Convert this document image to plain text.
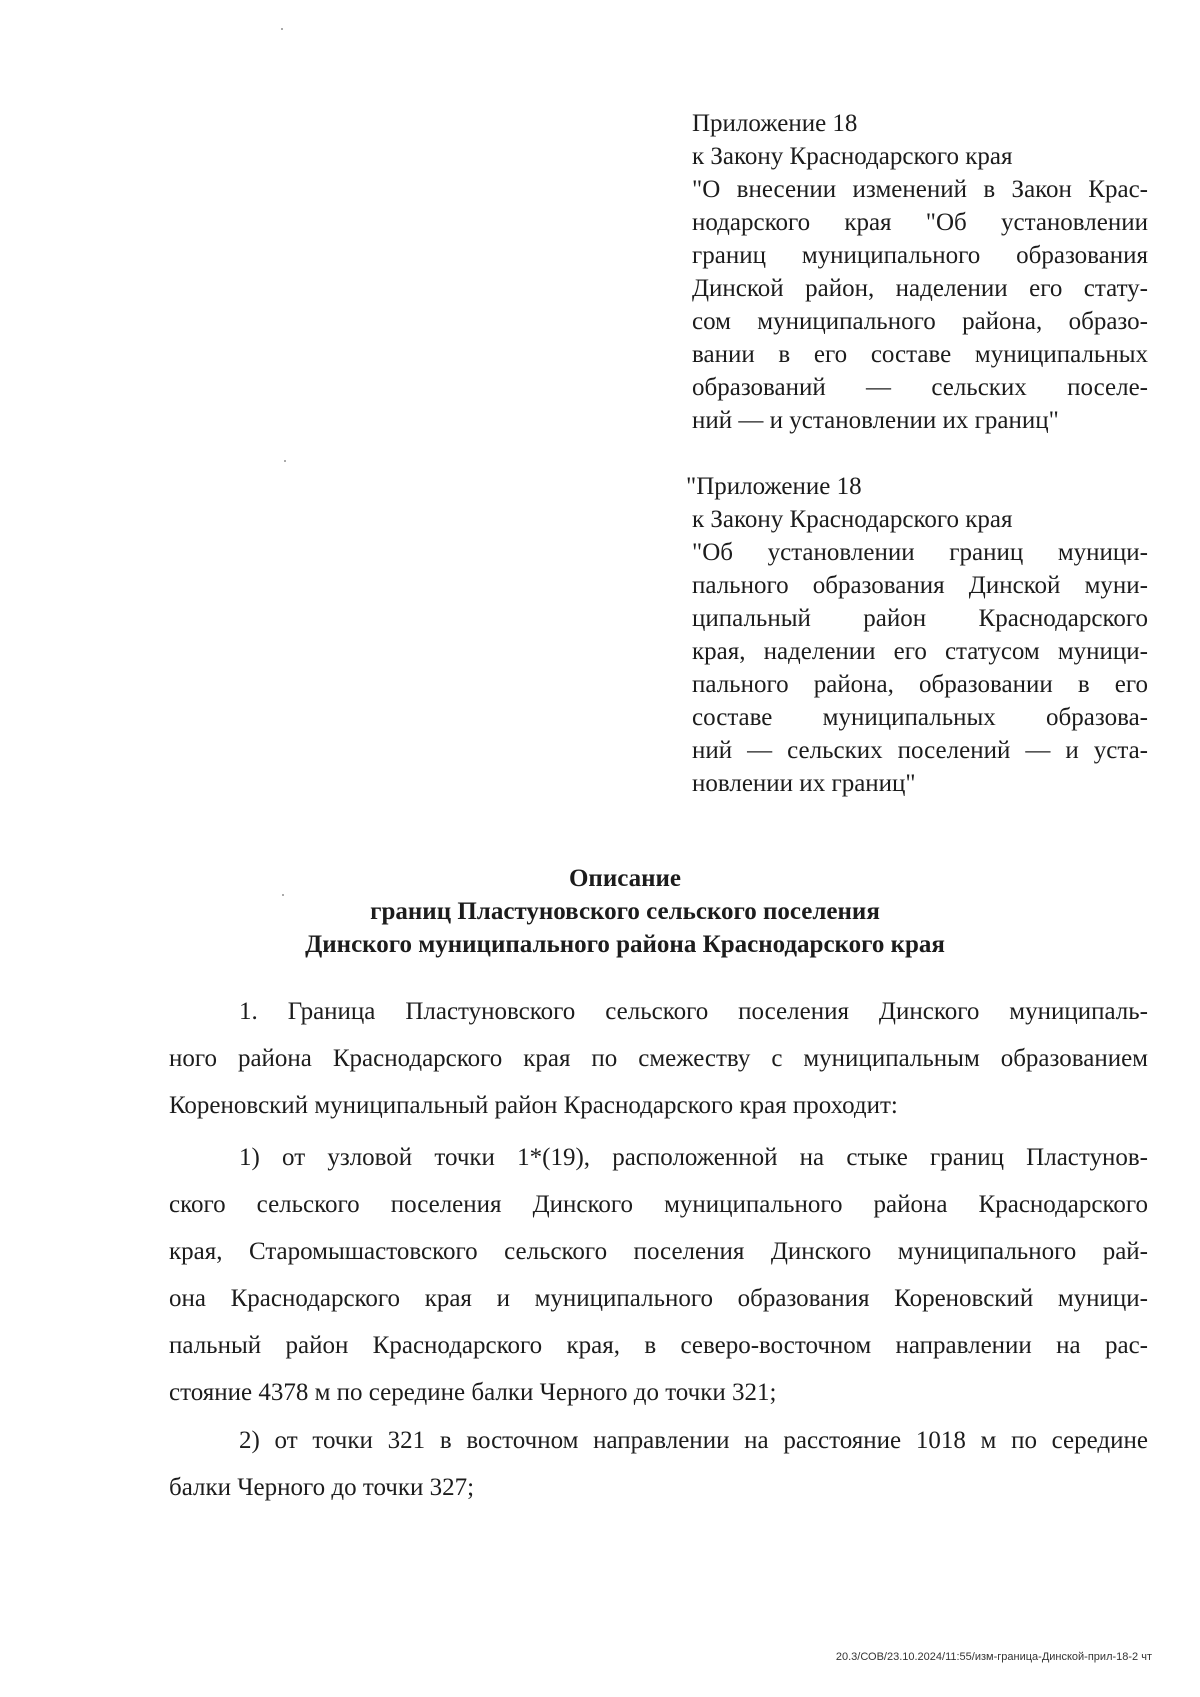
Приложение 18
к Закону Краснодарского края
"О внесении изменений в Закон Крас-
нодарского края "Об установлении
границ муниципального образования
Динской район, наделении его стату-
сом муниципального района, образо-
вании в его составе муниципальных
образований — сельских поселе-
ний — и установлении их границ"
"Приложение 18
к Закону Краснодарского края
"Об установлении границ муници-
пального образования Динской муни-
ципальный район Краснодарского
края, наделении его статусом муници-
пального района, образовании в его
составе муниципальных образова-
ний — сельских поселений — и уста-
новлении их границ"
Описание
границ Пластуновского сельского поселения
Динского муниципального района Краснодарского края
1. Граница Пластуновского сельского поселения Динского муниципаль-
ного района Краснодарского края по смежеству с муниципальным образованием
Кореновский муниципальный район Краснодарского края проходит:
1) от узловой точки 1*(19), расположенной на стыке границ Пластунов-
ского сельского поселения Динского муниципального района Краснодарского
края, Старомышастовского сельского поселения Динского муниципального рай-
она Краснодарского края и муниципального образования Кореновский муници-
пальный район Краснодарского края, в северо-восточном направлении на рас-
стояние 4378 м по середине балки Черного до точки 321;
2) от точки 321 в восточном направлении на расстояние 1018 м по середине
балки Черного до точки 327;
20.3/СОВ/23.10.2024/11:55/изм-граница-Динской-прил-18-2 чт
